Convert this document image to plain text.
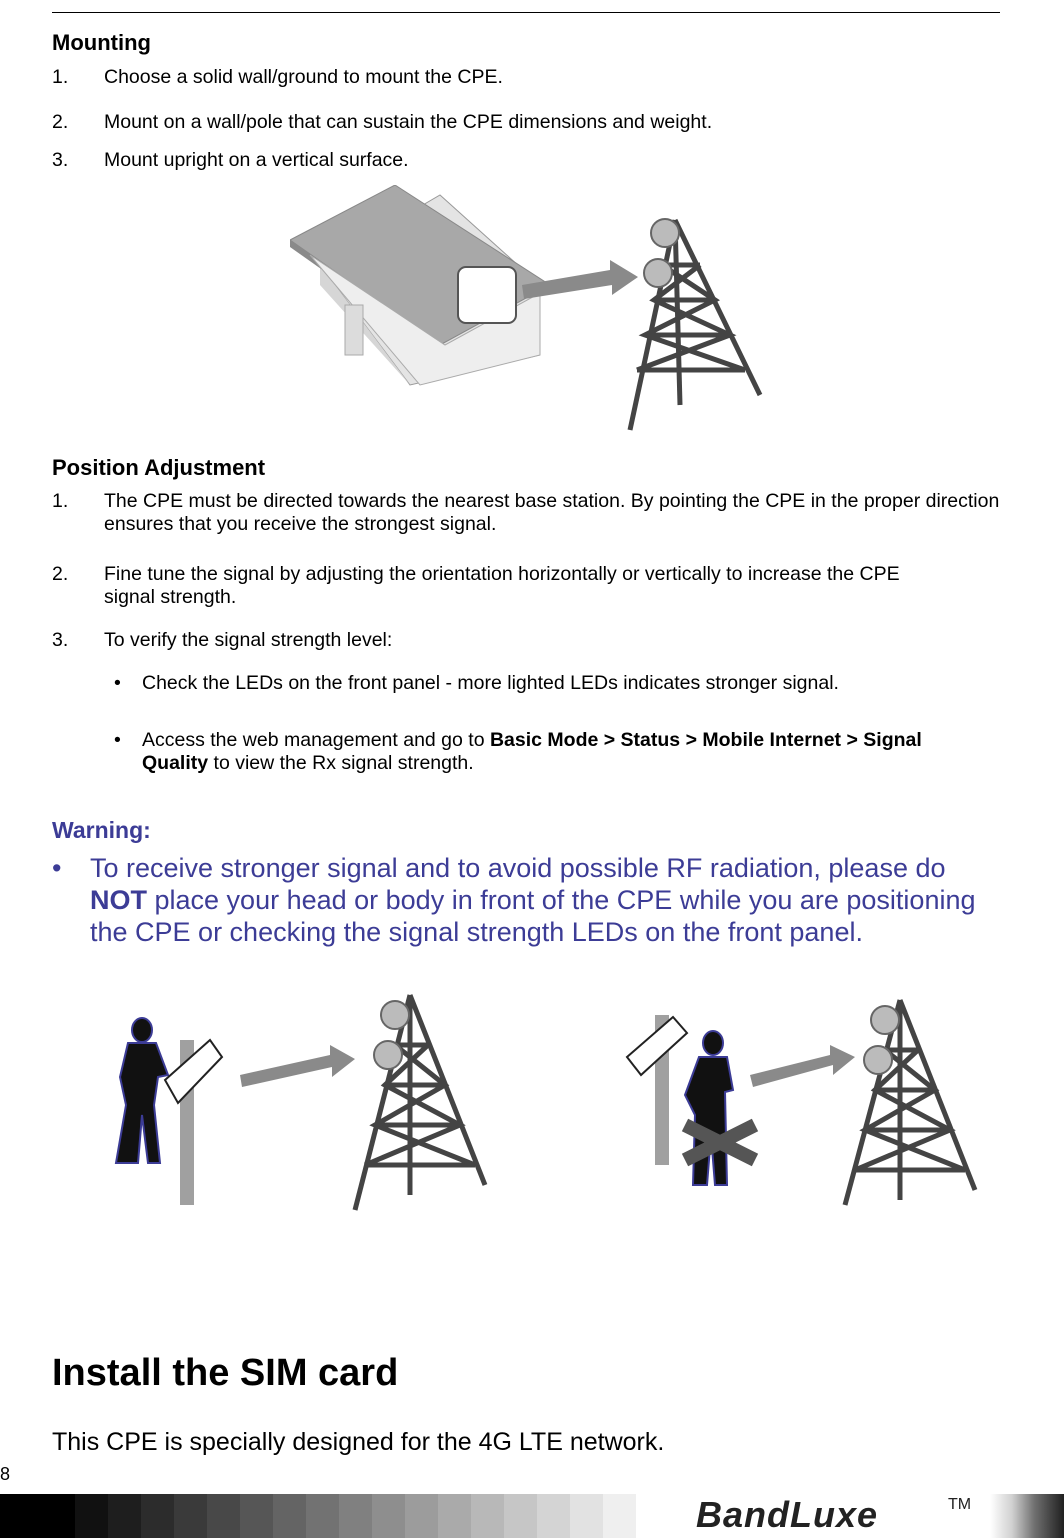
Mounting
1. Choose a solid wall/ground to mount the CPE.
2. Mount on a wall/pole that can sustain the CPE dimensions and weight.
3. Mount upright on a vertical surface.
Position Adjustment
1. The CPE must be directed towards the nearest base station. By pointing the CPE in the proper direction ensures that you receive the strongest signal.
2. Fine tune the signal by adjusting the orientation horizontally or vertically to increase the CPE signal strength.
3. To verify the signal strength level:
• Check the LEDs on the front panel - more lighted LEDs indicates stronger signal.
• Access the web management and go to Basic Mode > Status > Mobile Internet > Signal Quality to view the Rx signal strength.
Warning:
• To receive stronger signal and to avoid possible RF radiation, please do NOT place your head or body in front of the CPE while you are positioning the CPE or checking the signal strength LEDs on the front panel.
Install the SIM card
This CPE is specially designed for the 4G LTE network.
8
BandLuxe	TM
